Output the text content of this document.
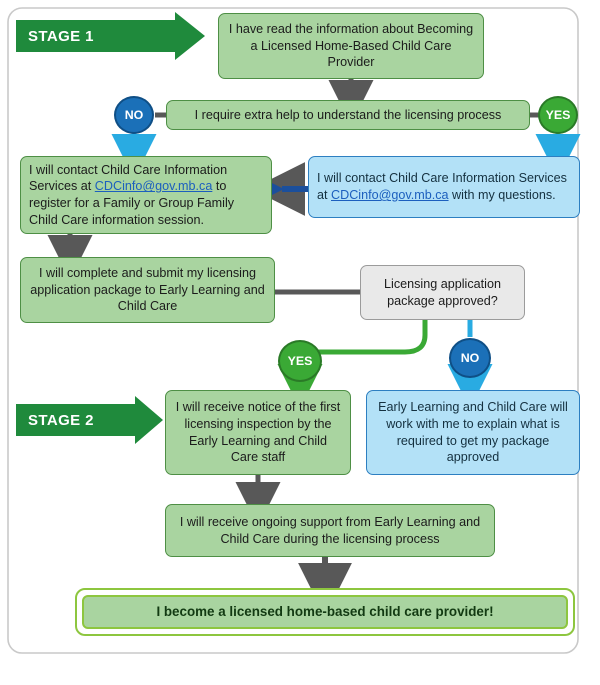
STAGE 1
STAGE 2
I have read the information about Becoming a Licensed Home-Based Child Care Provider
I require extra help to understand the licensing process
NO	YES
I will contact Child Care Information Services at CDCinfo@gov.mb.ca to register for a Family or Group Family Child Care information session.
I will contact Child Care Information Services at CDCinfo@gov.mb.ca with my questions.
I will complete and submit my licensing application package to Early Learning and Child Care
Licensing application package approved?
YES	NO
I will receive notice of the first licensing inspection by the Early Learning and Child Care staff
Early Learning and Child Care will work with me to explain what is required to get my package approved
I will receive ongoing support from Early Learning and Child Care during the licensing process
I become a licensed home-based child care provider!
